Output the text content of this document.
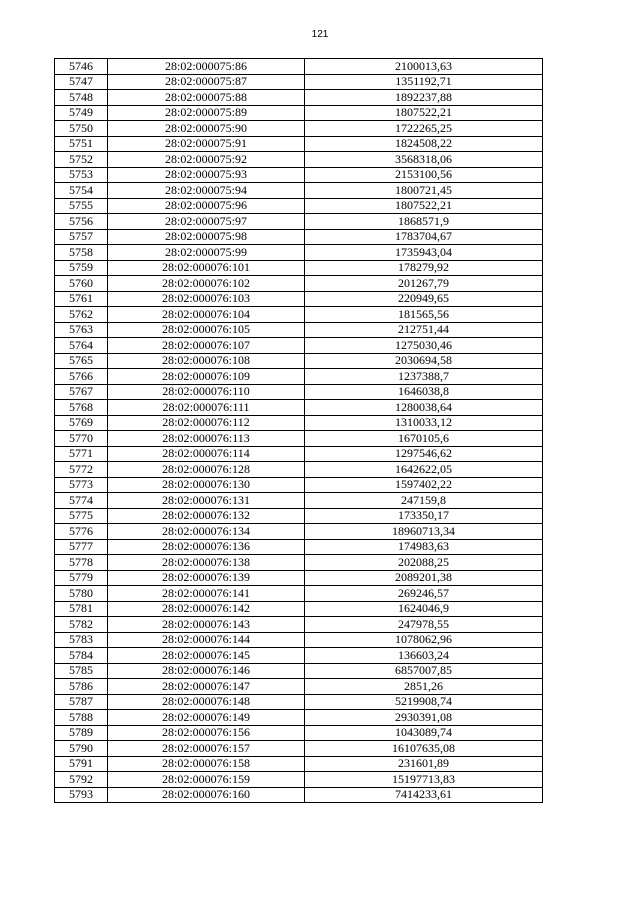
121
5746	28:02:000075:86	2100013,63
5747	28:02:000075:87	1351192,71
5748	28:02:000075:88	1892237,88
5749	28:02:000075:89	1807522,21
5750	28:02:000075:90	1722265,25
5751	28:02:000075:91	1824508,22
5752	28:02:000075:92	3568318,06
5753	28:02:000075:93	2153100,56
5754	28:02:000075:94	1800721,45
5755	28:02:000075:96	1807522,21
5756	28:02:000075:97	1868571,9
5757	28:02:000075:98	1783704,67
5758	28:02:000075:99	1735943,04
5759	28:02:000076:101	178279,92
5760	28:02:000076:102	201267,79
5761	28:02:000076:103	220949,65
5762	28:02:000076:104	181565,56
5763	28:02:000076:105	212751,44
5764	28:02:000076:107	1275030,46
5765	28:02:000076:108	2030694,58
5766	28:02:000076:109	1237388,7
5767	28:02:000076:110	1646038,8
5768	28:02:000076:111	1280038,64
5769	28:02:000076:112	1310033,12
5770	28:02:000076:113	1670105,6
5771	28:02:000076:114	1297546,62
5772	28:02:000076:128	1642622,05
5773	28:02:000076:130	1597402,22
5774	28:02:000076:131	247159,8
5775	28:02:000076:132	173350,17
5776	28:02:000076:134	18960713,34
5777	28:02:000076:136	174983,63
5778	28:02:000076:138	202088,25
5779	28:02:000076:139	2089201,38
5780	28:02:000076:141	269246,57
5781	28:02:000076:142	1624046,9
5782	28:02:000076:143	247978,55
5783	28:02:000076:144	1078062,96
5784	28:02:000076:145	136603,24
5785	28:02:000076:146	6857007,85
5786	28:02:000076:147	2851,26
5787	28:02:000076:148	5219908,74
5788	28:02:000076:149	2930391,08
5789	28:02:000076:156	1043089,74
5790	28:02:000076:157	16107635,08
5791	28:02:000076:158	231601,89
5792	28:02:000076:159	15197713,83
5793	28:02:000076:160	7414233,61
